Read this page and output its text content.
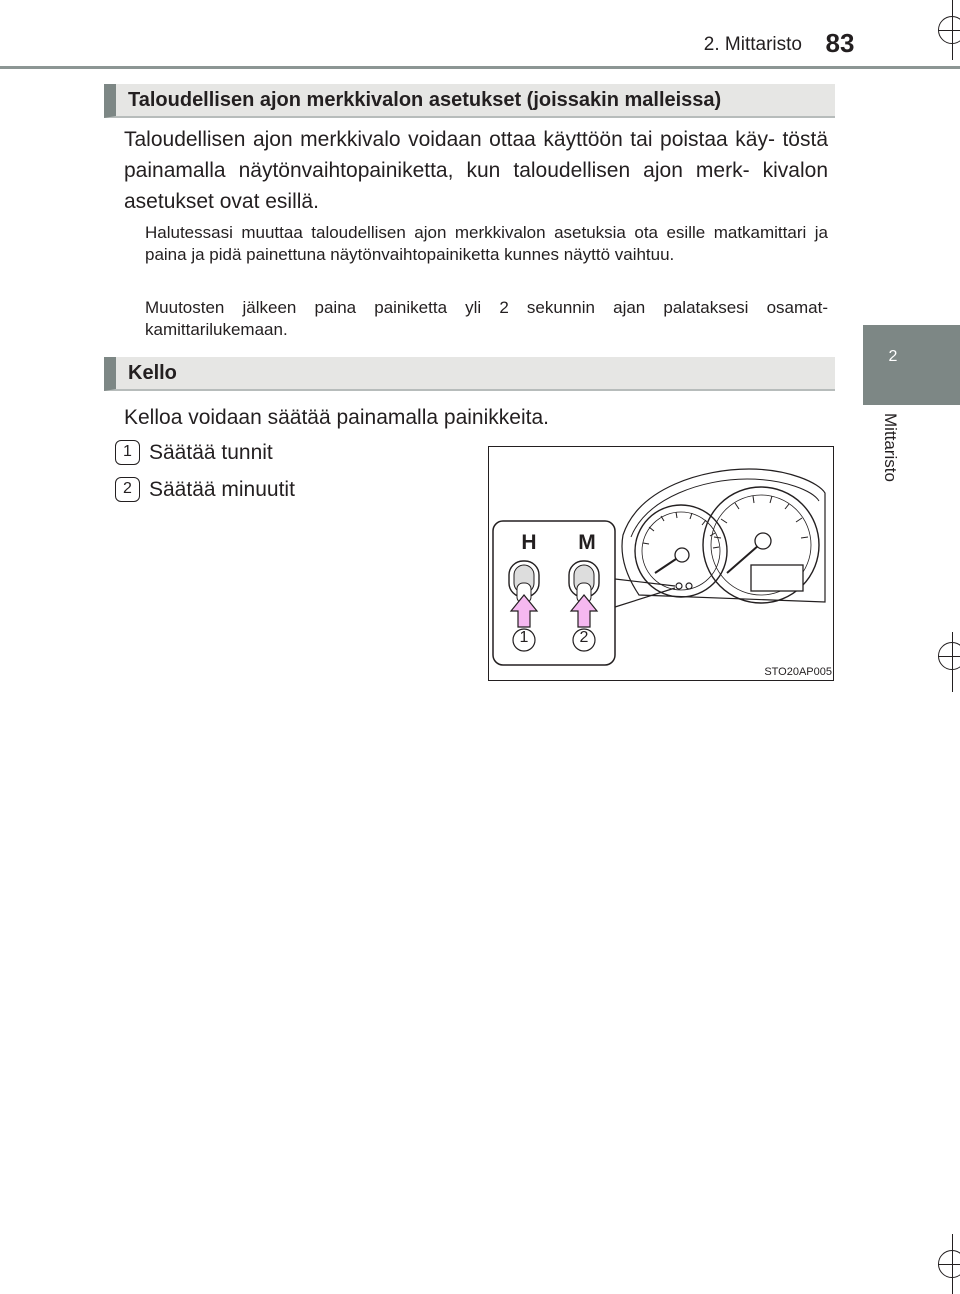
2. Mittaristo 83
2
Mittaristo
Taloudellisen ajon merkkivalon asetukset (joissakin malleissa)
Taloudellisen ajon merkkivalo voidaan ottaa käyttöön tai poistaa käy- töstä painamalla näytönvaihtopainiketta, kun taloudellisen ajon merk- kivalon asetukset ovat esillä.
Halutessasi muuttaa taloudellisen ajon merkkivalon asetuksia ota esille matkamittari ja paina ja pidä painettuna näytönvaihtopainiketta kunnes näyttö vaihtuu.
Muutosten jälkeen paina painiketta yli 2 sekunnin ajan palataksesi osamat- kamittarilukemaan.
Kello
Kelloa voidaan säätää painamalla painikkeita.
1 Säätää tunnit
2 Säätää minuutit
H M
1	2
STO20AP005
